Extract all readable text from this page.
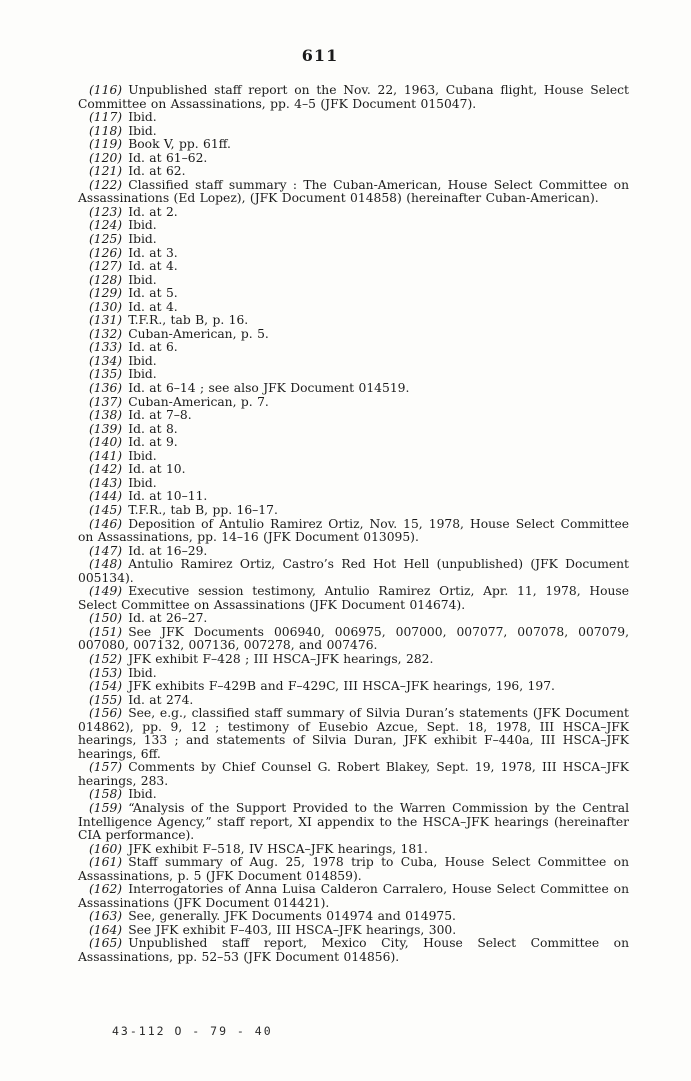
611

(116) Unpublished staff report on the Nov. 22, 1963, Cubana flight, House Select Committee on Assassinations, pp. 4–5 (JFK Document 015047).

(117) Ibid.

(118) Ibid.

(119) Book V, pp. 61ff.

(120) Id. at 61–62.

(121) Id. at 62.

(122) Classified staff summary : The Cuban-American, House Select Committee on Assassinations (Ed Lopez), (JFK Document 014858) (hereinafter Cuban-American).

(123) Id. at 2.

(124) Ibid.

(125) Ibid.

(126) Id. at 3.

(127) Id. at 4.

(128) Ibid.

(129) Id. at 5.

(130) Id. at 4.

(131) T.F.R., tab B, p. 16.

(132) Cuban-American, p. 5.

(133) Id. at 6.

(134) Ibid.

(135) Ibid.

(136) Id. at 6–14 ; see also JFK Document 014519.

(137) Cuban-American, p. 7.

(138) Id. at 7–8.

(139) Id. at 8.

(140) Id. at 9.

(141) Ibid.

(142) Id. at 10.

(143) Ibid.

(144) Id. at 10–11.

(145) T.F.R., tab B, pp. 16–17.

(146) Deposition of Antulio Ramirez Ortiz, Nov. 15, 1978, House Select Committee on Assassinations, pp. 14–16 (JFK Document 013095).

(147) Id. at 16–29.

(148) Antulio Ramirez Ortiz, Castro’s Red Hot Hell (unpublished) (JFK Document 005134).

(149) Executive session testimony, Antulio Ramirez Ortiz, Apr. 11, 1978, House Select Committee on Assassinations (JFK Document 014674).

(150) Id. at 26–27.

(151) See JFK Documents 006940, 006975, 007000, 007077, 007078, 007079, 007080, 007132, 007136, 007278, and 007476.

(152) JFK exhibit F–428 ; III HSCA–JFK hearings, 282.

(153) Ibid.

(154) JFK exhibits F–429B and F–429C, III HSCA–JFK hearings, 196, 197.

(155) Id. at 274.

(156) See, e.g., classified staff summary of Silvia Duran’s statements (JFK Document 014862), pp. 9, 12 ; testimony of Eusebio Azcue, Sept. 18, 1978, III HSCA–JFK hearings, 133 ; and statements of Silvia Duran, JFK exhibit F–440a, III HSCA–JFK hearings, 6ff.

(157) Comments by Chief Counsel G. Robert Blakey, Sept. 19, 1978, III HSCA–JFK hearings, 283.

(158) Ibid.

(159) “Analysis of the Support Provided to the Warren Commission by the Central Intelligence Agency,” staff report, XI appendix to the HSCA–JFK hearings (hereinafter CIA performance).

(160) JFK exhibit F–518, IV HSCA–JFK hearings, 181.

(161) Staff summary of Aug. 25, 1978 trip to Cuba, House Select Committee on Assassinations, p. 5 (JFK Document 014859).

(162) Interrogatories of Anna Luisa Calderon Carralero, House Select Committee on Assassinations (JFK Document 014421).

(163) See, generally. JFK Documents 014974 and 014975.

(164) See JFK exhibit F–403, III HSCA–JFK hearings, 300.

(165) Unpublished staff report, Mexico City, House Select Committee on Assassinations, pp. 52–53 (JFK Document 014856).

43-112 O - 79 - 40
